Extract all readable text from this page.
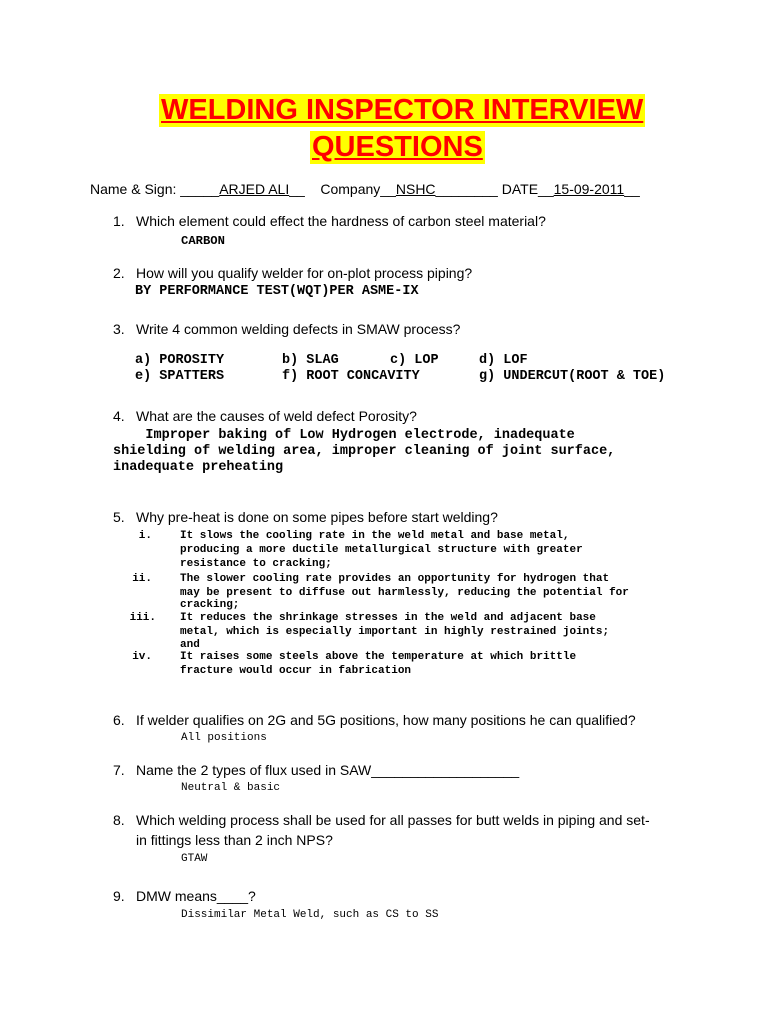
WELDING INSPECTOR INTERVIEW
QUESTIONS
Name & Sign: _____ARJED ALI__ Company__NSHC________ DATE__15-09-2011__
1. Which element could effect the hardness of carbon steel material?
CARBON
2. How will you qualify welder for on-plot process piping?
BY PERFORMANCE TEST(WQT)PER ASME-IX
3. Write 4 common welding defects in SMAW process?
a) POROSITY	b) SLAG	c) LOP	d) LOF
e) SPATTERS	f) ROOT CONCAVITY	g) UNDERCUT(ROOT & TOE)
4. What are the causes of weld defect Porosity?
Improper baking of Low Hydrogen electrode, inadequate
shielding of welding area, improper cleaning of joint surface,
inadequate preheating
5. Why pre-heat is done on some pipes before start welding?

i.

	It slows the cooling rate in the weld metal and base metal,

producing a more ductile metallurgical structure with greater

resistance to cracking;

ii.

	The slower cooling rate provides an opportunity for hydrogen that

may be present to diffuse out harmlessly, reducing the potential for

cracking;

iii.

It reduces the shrinkage stresses in the weld and adjacent base

metal, which is especially important in highly restrained joints;

and

iv.

	It raises some steels above the temperature at which brittle

fracture would occur in fabrication

6. If welder qualifies on 2G and 5G positions, how many positions he can qualified?
All positions
7. Name the 2 types of flux used in SAW___________________
Neutral & basic
8. Which welding process shall be used for all passes for butt welds in piping and set-
in fittings less than 2 inch NPS?
GTAW
9. DMW means____?
Dissimilar Metal Weld, such as CS to SS
